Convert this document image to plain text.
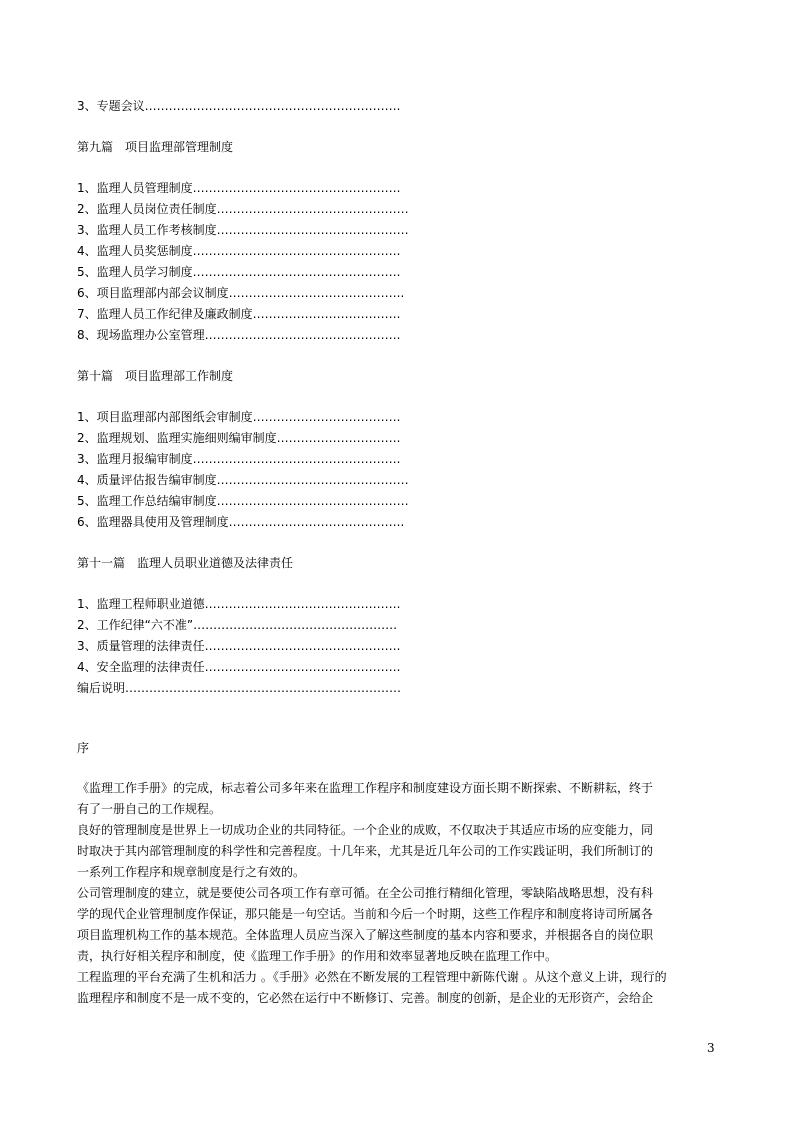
3、专题会议……………………………………………………….
第九篇　项目监理部管理制度
1、监理人员管理制度…………………………………………….
2、监理人员岗位责任制度…………………………………………
3、监理人员工作考核制度…………………………………………
4、监理人员奖惩制度…………………………………………….
5、监理人员学习制度…………………………………………….
6、项目监理部内部会议制度……………………………………..
7、监理人员工作纪律及廉政制度……………………………….
8、现场监理办公室管理………………………………………….
第十篇　项目监理部工作制度
1、项目监理部内部图纸会审制度……………………………….
2、监理规划、监理实施细则编审制度………………………….
3、监理月报编审制度…………………………………………….
4、质量评估报告编审制度…………………………………………
5、监理工作总结编审制度…………………………………………
6、监理器具使用及管理制度……………………………………..
第十一篇　监理人员职业道德及法律责任
1、监理工程师职业道德………………………………………….
2、工作纪律“六不准”……………………………………………
3、质量管理的法律责任………………………………………….
4、安全监理的法律责任………………………………………….
编后说明……………………………………………………………
序

《监理工作手册》的完成，标志着公司多年来在监理工作程序和制度建设方面长期不断探索、不断耕耘，终于

有了一册自己的工作规程。

良好的管理制度是世界上一切成功企业的共同特征。一个企业的成败，不仅取决于其适应市场的应变能力，同

时取决于其内部管理制度的科学性和完善程度。十几年来，尤其是近几年公司的工作实践证明，我们所制订的

一系列工作程序和规章制度是行之有效的。

公司管理制度的建立，就是要使公司各项工作有章可循。在全公司推行精细化管理，零缺陷战略思想，没有科

学的现代企业管理制度作保证，那只能是一句空话。当前和今后一个时期，这些工作程序和制度将诗司所属各

项目监理机构工作的基本规范。全体监理人员应当深入了解这些制度的基本内容和要求，并根据各自的岗位职

责，执行好相关程序和制度，使《监理工作手册》的作用和效率显著地反映在监理工作中。

工程监理的平台充满了生机和活力 。《手册》必然在不断发展的工程管理中新陈代谢 。从这个意义上讲，现行的

监理程序和制度不是一成不变的，它必然在运行中不断修订、完善。制度的创新，是企业的无形资产，会给企

3
